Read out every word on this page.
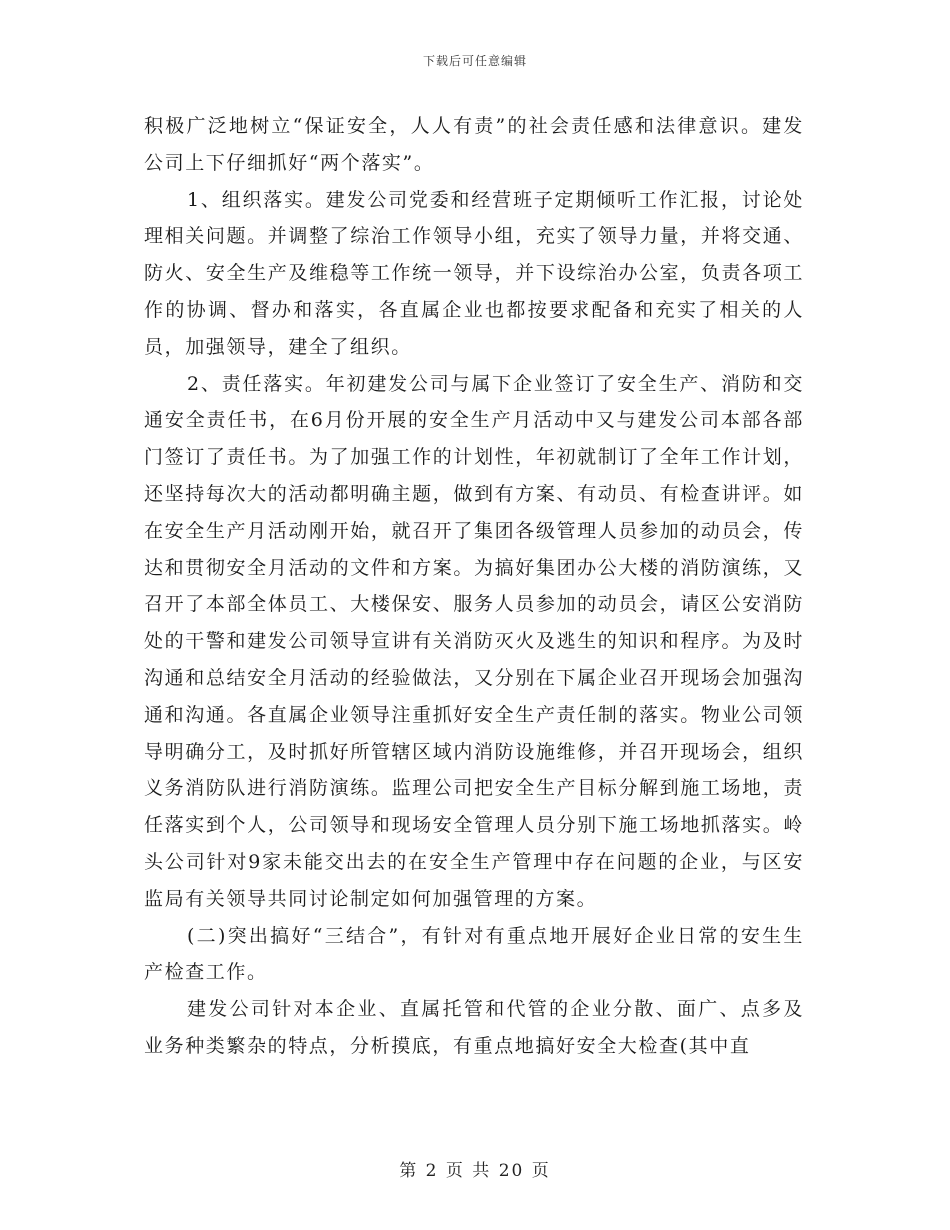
下载后可任意编辑

积极广泛地树立“保证安全，人人有责”的社会责任感和法律意识。建发公司上下仔细抓好“两个落实”。

1、组织落实。建发公司党委和经营班子定期倾听工作汇报，讨论处理相关问题。并调整了综治工作领导小组，充实了领导力量，并将交通、防火、安全生产及维稳等工作统一领导，并下设综治办公室，负责各项工作的协调、督办和落实，各直属企业也都按要求配备和充实了相关的人员，加强领导，建全了组织。

2、责任落实。年初建发公司与属下企业签订了安全生产、消防和交通安全责任书，在6月份开展的安全生产月活动中又与建发公司本部各部门签订了责任书。为了加强工作的计划性，年初就制订了全年工作计划，还坚持每次大的活动都明确主题，做到有方案、有动员、有检查讲评。如在安全生产月活动刚开始，就召开了集团各级管理人员参加的动员会，传达和贯彻安全月活动的文件和方案。为搞好集团办公大楼的消防演练，又召开了本部全体员工、大楼保安、服务人员参加的动员会，请区公安消防处的干警和建发公司领导宣讲有关消防灭火及逃生的知识和程序。为及时沟通和总结安全月活动的经验做法，又分别在下属企业召开现场会加强沟通和沟通。各直属企业领导注重抓好安全生产责任制的落实。物业公司领导明确分工，及时抓好所管辖区域内消防设施维修，并召开现场会，组织义务消防队进行消防演练。监理公司把安全生产目标分解到施工场地，责任落实到个人，公司领导和现场安全管理人员分别下施工场地抓落实。岭头公司针对9家未能交出去的在安全生产管理中存在问题的企业，与区安监局有关领导共同讨论制定如何加强管理的方案。

(二)突出搞好“三结合”，有针对有重点地开展好企业日常的安生生产检查工作。

建发公司针对本企业、直属托管和代管的企业分散、面广、点多及业务种类繁杂的特点，分析摸底，有重点地搞好安全大检查(其中直

第 2 页 共 20 页
